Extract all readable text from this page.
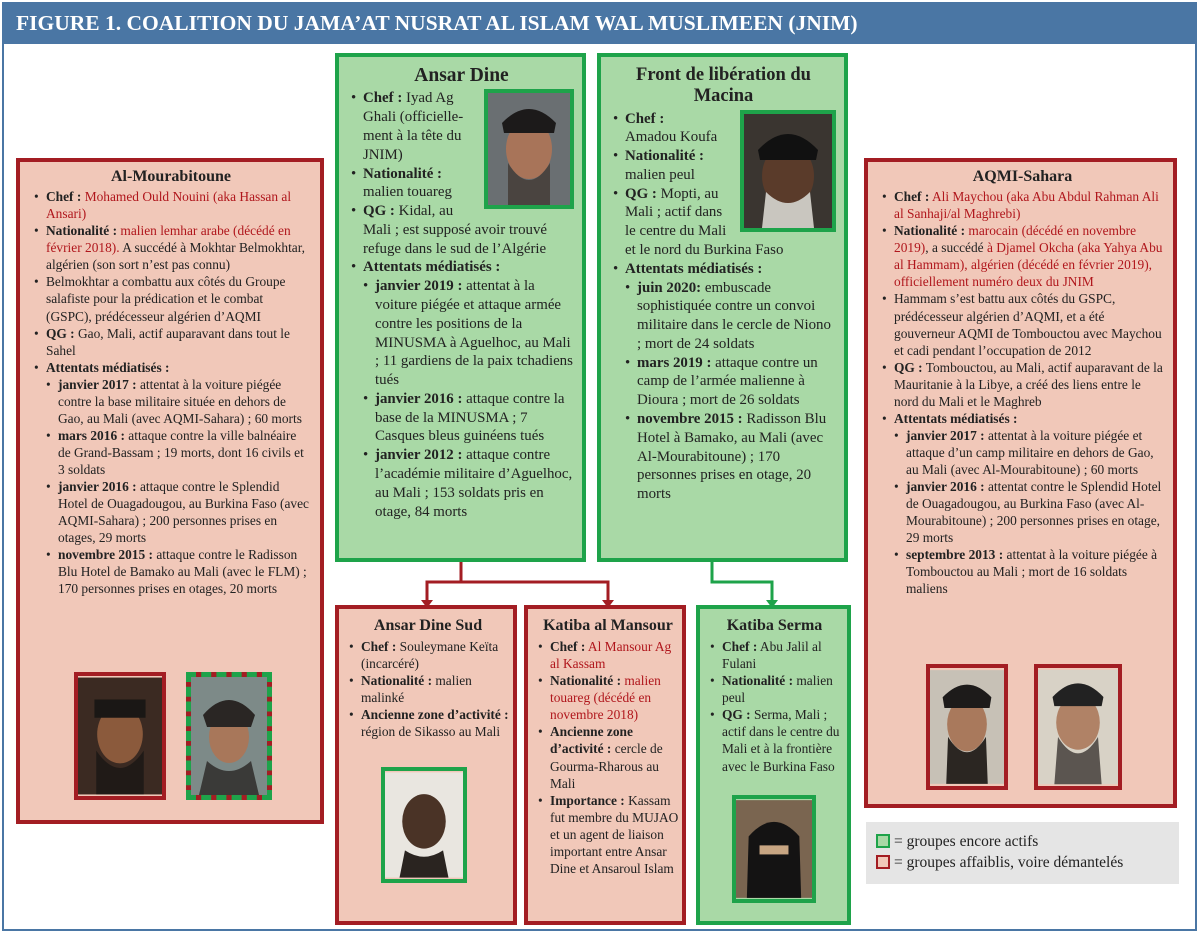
FIGURE 1. COALITION DU JAMA’AT NUSRAT AL ISLAM WAL MUSLIMEEN (JNIM)
Al-Mourabitoune
• Chef : Mohamed Ould Nouini (aka Hassan al Ansari)
• Nationalité : malien lemhar arabe (décédé en février 2018). A succédé à Mokhtar Belmokhtar, algérien (son sort n’est pas connu)
• Belmokhtar a combattu aux côtés du Groupe salafiste pour la prédication et le combat (GSPC), prédécesseur algérien d’AQMI
• QG : Gao, Mali, actif auparavant dans tout le Sahel
• Attentats médiatisés :
• janvier 2017 : attentat à la voiture piégée contre la base militaire située en dehors de Gao, au Mali (avec AQMI-Sahara) ; 60 morts
• mars 2016 : attaque contre la ville balnéaire de Grand-Bassam ; 19 morts, dont 16 civils et 3 soldats
• janvier 2016 : attaque contre le Splendid Hotel de Ouagadougou, au Burkina Faso (avec AQMI-Sahara) ; 200 personnes prises en otages, 29 morts
• novembre 2015 : attaque contre le Radisson Blu Hotel de Bamako au Mali (avec le FLM) ; 170 personnes prises en otages, 20 morts
Ansar Dine
• Chef : Iyad Ag Ghali (officielle-ment à la tête du JNIM)
• Nationalité : malien touareg
• QG : Kidal, au Mali ; est supposé avoir trouvé refuge dans le sud de l’Algérie
• Attentats médiatisés :
• janvier 2019 : attentat à la voiture piégée et attaque armée contre les positions de la MINUSMA à Aguelhoc, au Mali ; 11 gardiens de la paix tchadiens tués
• janvier 2016 : attaque contre la base de la MINUSMA ; 7 Casques bleus guinéens tués
• janvier 2012 : attaque contre l’académie militaire d’Aguelhoc, au Mali ; 153 soldats pris en otage, 84 morts
Front de libération du Macina
• Chef :
Amadou Koufa
• Nationalité : malien peul
• QG : Mopti, au Mali ; actif dans le centre du Mali et le nord du Burkina Faso
• Attentats médiatisés :
• juin 2020: embuscade sophistiquée contre un convoi militaire dans le cercle de Niono ; mort de 24 soldats
• mars 2019 : attaque contre un camp de l’armée malienne à Dioura ; mort de 26 soldats
• novembre 2015 : Radisson Blu Hotel à Bamako, au Mali (avec Al-Mourabitoune) ; 170 personnes prises en otage, 20 morts
AQMI-Sahara
• Chef : Ali Maychou (aka Abu Abdul Rahman Ali al Sanhaji/al Maghrebi)
• Nationalité : marocain (décédé en novembre 2019), a succédé à Djamel Okcha (aka Yahya Abu al Hammam), algérien (décédé en février 2019), officiellement numéro deux du JNIM
• Hammam s’est battu aux côtés du GSPC, prédécesseur algérien d’AQMI, et a été gouverneur AQMI de Tombouctou avec Maychou et cadi pendant l’occupation de 2012
• QG : Tombouctou, au Mali, actif auparavant de la Mauritanie à la Libye, a créé des liens entre le nord du Mali et le Maghreb
• Attentats médiatisés :
• janvier 2017 : attentat à la voiture piégée et attaque d’un camp militaire en dehors de Gao, au Mali (avec Al-Mourabitoune) ; 60 morts
• janvier 2016 : attentat contre le Splendid Hotel de Ouagadougou, au Burkina Faso (avec Al-Mourabitoune) ; 200 personnes prises en otage, 29 morts
• septembre 2013 : attentat à la voiture piégée à Tombouctou au Mali ; mort de 16 soldats maliens
Ansar Dine Sud
• Chef : Souleymane Keïta (incarcéré)
• Nationalité : malien malinké
• Ancienne zone d’activité : région de Sikasso au Mali
Katiba al Mansour
• Chef : Al Mansour Ag al Kassam
• Nationalité : malien touareg (décédé en novembre 2018)
• Ancienne zone d’activité : cercle de Gourma-Rharous au Mali
• Importance : Kassam fut membre du MUJAO et un agent de liaison important entre Ansar Dine et Ansaroul Islam
Katiba Serma
• Chef : Abu Jalil al Fulani
• Nationalité : malien peul
• QG : Serma, Mali ; actif dans le centre du Mali et à la frontière avec le Burkina Faso
= groupes encore actifs
= groupes affaiblis, voire démantelés
